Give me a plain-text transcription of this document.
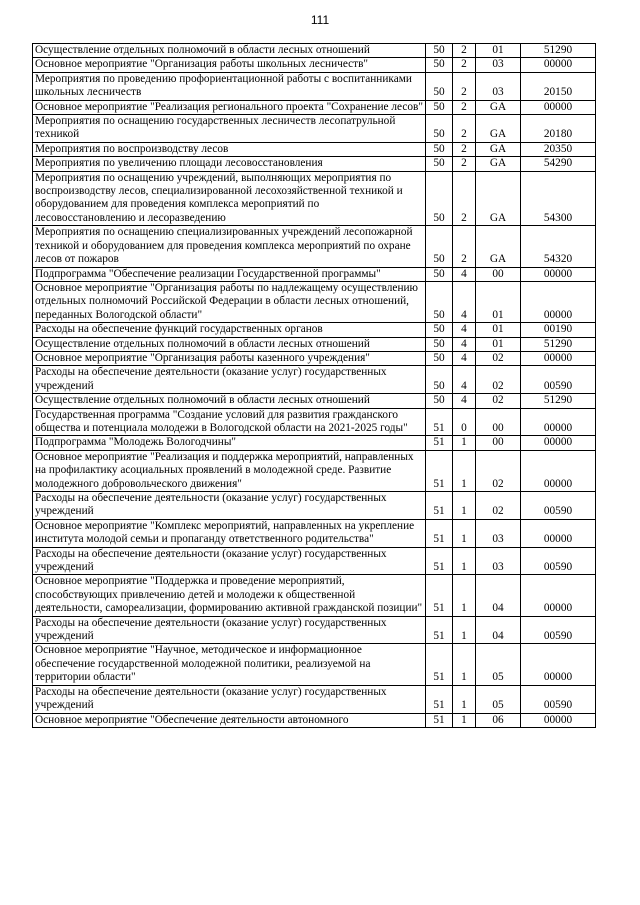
111
Осуществление отдельных полномочий в области лесных отношений	50	2	01	51290
Основное мероприятие "Организация работы школьных лесничеств"	50	2	03	00000
Мероприятия по проведению профориентационной работы с воспитанниками школьных лесничеств	50	2	03	20150
Основное мероприятие "Реализация регионального проекта "Сохранение лесов"	50	2	GA	00000
Мероприятия по оснащению государственных лесничеств лесопатрульной техникой	50	2	GA	20180
Мероприятия по воспроизводству лесов	50	2	GA	20350
Мероприятия по увеличению площади лесовосстановления	50	2	GA	54290
Мероприятия по оснащению учреждений, выполняющих мероприятия по воспроизводству лесов, специализированной лесохозяйственной техникой и оборудованием для проведения комплекса мероприятий по лесовосстановлению и лесоразведению	50	2	GA	54300
Мероприятия по оснащению специализированных учреждений лесопожарной техникой и оборудованием для проведения комплекса мероприятий по охране лесов от пожаров	50	2	GA	54320
Подпрограмма "Обеспечение реализации Государственной программы"	50	4	00	00000
Основное мероприятие "Организация работы по надлежащему осуществлению отдельных полномочий Российской Федерации в области лесных отношений, переданных Вологодской области"	50	4	01	00000
Расходы на обеспечение функций государственных органов	50	4	01	00190
Осуществление отдельных полномочий в области лесных отношений	50	4	01	51290
Основное мероприятие "Организация работы казенного учреждения"	50	4	02	00000
Расходы на обеспечение деятельности (оказание услуг) государственных учреждений	50	4	02	00590
Осуществление отдельных полномочий в области лесных отношений	50	4	02	51290
Государственная программа "Создание условий для развития гражданского общества и потенциала молодежи в Вологодской области на 2021-2025 годы"	51	0	00	00000
Подпрограмма "Молодежь Вологодчины"	51	1	00	00000
Основное мероприятие "Реализация и поддержка мероприятий, направленных на профилактику асоциальных проявлений в молодежной среде. Развитие молодежного добровольческого движения"	51	1	02	00000
Расходы на обеспечение деятельности (оказание услуг) государственных учреждений	51	1	02	00590
Основное мероприятие "Комплекс мероприятий, направленных на укрепление института молодой семьи и пропаганду ответственного родительства"	51	1	03	00000
Расходы на обеспечение деятельности (оказание услуг) государственных учреждений	51	1	03	00590
Основное мероприятие "Поддержка и проведение мероприятий, способствующих привлечению детей и молодежи к общественной деятельности, самореализации, формированию активной гражданской позиции"	51	1	04	00000
Расходы на обеспечение деятельности (оказание услуг) государственных учреждений	51	1	04	00590
Основное мероприятие "Научное, методическое и информационное обеспечение государственной молодежной политики, реализуемой на территории области"	51	1	05	00000
Расходы на обеспечение деятельности (оказание услуг) государственных учреждений	51	1	05	00590
Основное мероприятие "Обеспечение деятельности автономного	51	1	06	00000
